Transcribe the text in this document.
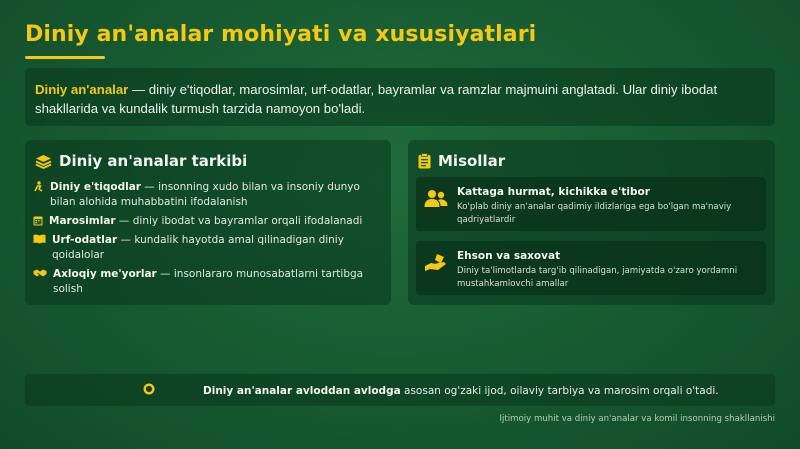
Diniy an'analar mohiyati va xususiyatlari
Diniy an'analar — diniy e'tiqodlar, marosimlar, urf-odatlar, bayramlar va ramzlar majmuini anglatadi. Ular diniy ibodat shakllarida va kundalik turmush tarzida namoyon bo'ladi.
Diniy an'analar tarkibi
Diniy e'tiqodlar — insonning xudo bilan va insoniy dunyo bilan alohida muhabbatini ifodalanish
Marosimlar — diniy ibodat va bayramlar orqali ifodalanadi
Urf-odatlar — kundalik hayotda amal qilinadigan diniy qoidalolar
Axloqiy me'yorlar — insonlararo munosabatlarni tartibga solish
Misollar
Kattaga hurmat, kichikka e'tibor
Ko'plab diniy an'analar qadimiy ildizlariga ega bo'lgan ma'naviy qadriyatlardir
Ehson va saxovat
Diniy ta'limotlarda targ'ib qilinadigan, jamiyatda o'zaro yordamni mustahkamlovchi amallar
Diniy an'analar avloddan avlodga asosan og'zaki ijod, oilaviy tarbiya va marosim orqali o'tadi.
Ijtimoiy muhit va diniy an'analar va komil insonning shakllanishi
